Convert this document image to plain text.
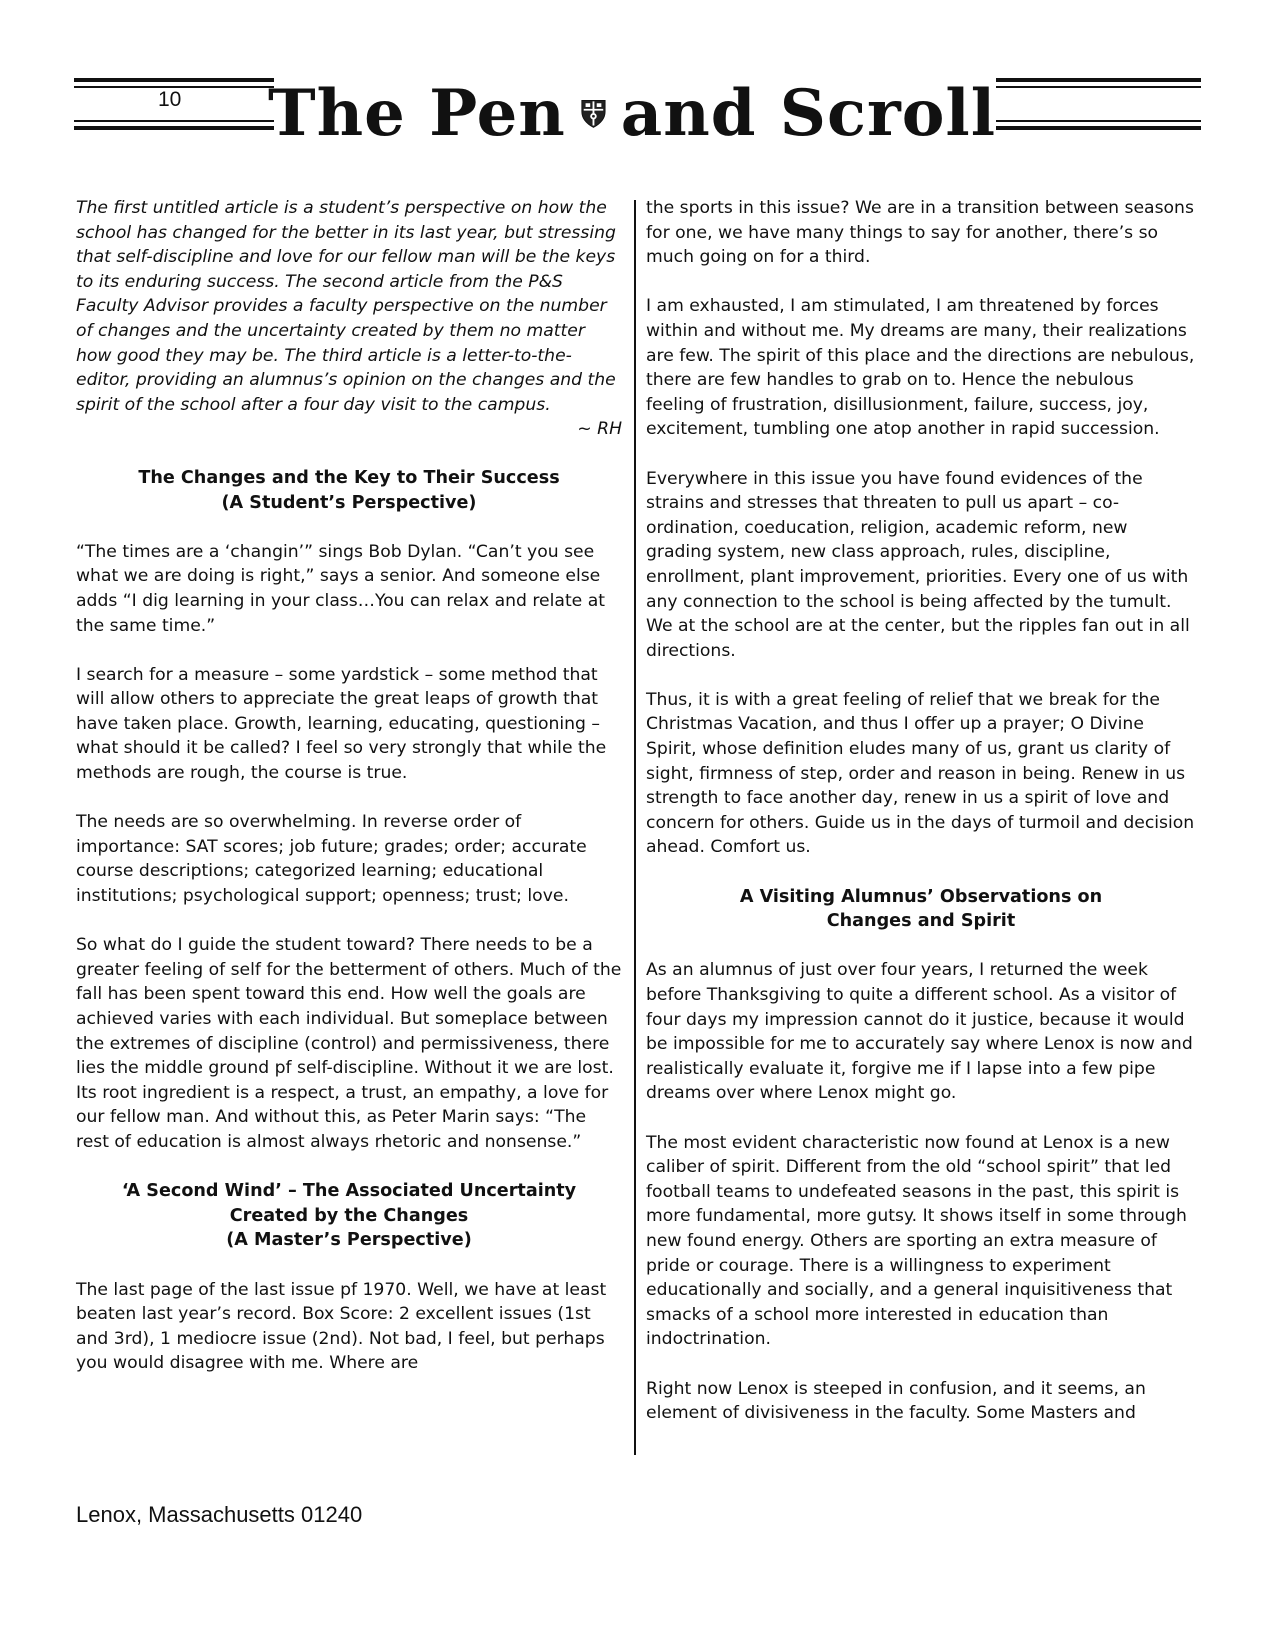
10 The Pen and Scroll

The first untitled article is a student’s perspective on how the school has changed for the better in its last year, but stressing that self-discipline and love for our fellow man will be the keys to its enduring success. The second article from the P&S Faculty Advisor provides a faculty perspective on the number of changes and the uncertainty created by them no matter how good they may be. The third article is a letter-to-the-editor, providing an alumnus’s opinion on the changes and the spirit of the school after a four day visit to the campus.

~ RH

The Changes and the Key to Their Success
(A Student’s Perspective)

“The times are a ‘changin’” sings Bob Dylan. “Can’t you see what we are doing is right,” says a senior. And someone else adds “I dig learning in your class…You can relax and relate at the same time.”

I search for a measure – some yardstick – some method that will allow others to appreciate the great leaps of growth that have taken place. Growth, learning, educating, questioning – what should it be called? I feel so very strongly that while the methods are rough, the course is true.

The needs are so overwhelming. In reverse order of importance: SAT scores; job future; grades; order; accurate course descriptions; categorized learning; educational institutions; psychological support; openness; trust; love.

So what do I guide the student toward? There needs to be a greater feeling of self for the betterment of others. Much of the fall has been spent toward this end. How well the goals are achieved varies with each individual. But someplace between the extremes of discipline (control) and permissiveness, there lies the middle ground pf self-discipline. Without it we are lost. Its root ingredient is a respect, a trust, an empathy, a love for our fellow man. And without this, as Peter Marin says: “The rest of education is almost always rhetoric and nonsense.”

‘A Second Wind’ – The Associated Uncertainty
Created by the Changes
(A Master’s Perspective)

The last page of the last issue pf 1970. Well, we have at least beaten last year’s record. Box Score: 2 excellent issues (1st and 3rd), 1 mediocre issue (2nd). Not bad, I feel, but perhaps you would disagree with me. Where are

the sports in this issue? We are in a transition between seasons for one, we have many things to say for another, there’s so much going on for a third.

I am exhausted, I am stimulated, I am threatened by forces within and without me. My dreams are many, their realizations are few. The spirit of this place and the directions are nebulous, there are few handles to grab on to. Hence the nebulous feeling of frustration, disillusionment, failure, success, joy, excitement, tumbling one atop another in rapid succession.

Everywhere in this issue you have found evidences of the strains and stresses that threaten to pull us apart – co-ordination, coeducation, religion, academic reform, new grading system, new class approach, rules, discipline, enrollment, plant improvement, priorities. Every one of us with any connection to the school is being affected by the tumult. We at the school are at the center, but the ripples fan out in all directions.

Thus, it is with a great feeling of relief that we break for the Christmas Vacation, and thus I offer up a prayer; O Divine Spirit, whose definition eludes many of us, grant us clarity of sight, firmness of step, order and reason in being. Renew in us strength to face another day, renew in us a spirit of love and concern for others. Guide us in the days of turmoil and decision ahead. Comfort us.

A Visiting Alumnus’ Observations on
Changes and Spirit

As an alumnus of just over four years, I returned the week before Thanksgiving to quite a different school. As a visitor of four days my impression cannot do it justice, because it would be impossible for me to accurately say where Lenox is now and realistically evaluate it, forgive me if I lapse into a few pipe dreams over where Lenox might go.

The most evident characteristic now found at Lenox is a new caliber of spirit. Different from the old “school spirit” that led football teams to undefeated seasons in the past, this spirit is more fundamental, more gutsy. It shows itself in some through new found energy. Others are sporting an extra measure of pride or courage. There is a willingness to experiment educationally and socially, and a general inquisitiveness that smacks of a school more interested in education than indoctrination.

Right now Lenox is steeped in confusion, and it seems, an element of divisiveness in the faculty. Some Masters and

Lenox, Massachusetts 01240
